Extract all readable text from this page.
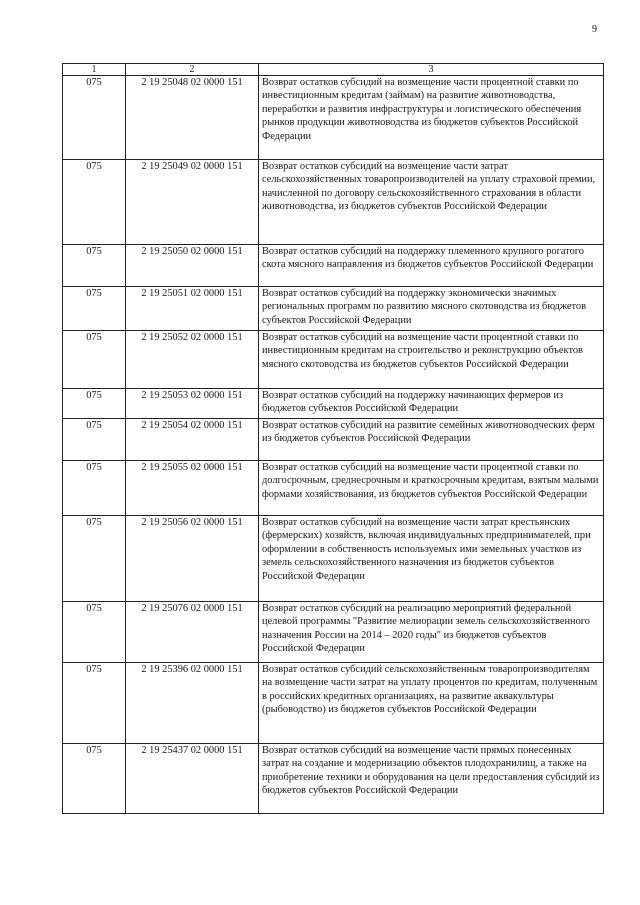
9
1	2	3
075	2 19 25048 02 0000 151	Возврат остатков субсидий на возмещение части процентной ставки по инвестиционным кредитам (займам) на развитие животноводства, переработки и развития инфраструктуры и логистического обеспечения рынков продукции животноводства из бюджетов субъектов Российской Федерации
075	2 19 25049 02 0000 151	Возврат остатков субсидий на возмещение части затрат сельскохозяйственных товаропроизводителей на уплату страховой премии, начисленной по договору сельскохозяйственного страхования в области животноводства, из бюджетов субъектов Российской Федерации
075	2 19 25050 02 0000 151	Возврат остатков субсидий на поддержку племенного крупного рогатого скота мясного направления из бюджетов субъектов Российской Федерации
075	2 19 25051 02 0000 151	Возврат остатков субсидий на поддержку экономически значимых региональных программ по развитию мясного скотоводства из бюджетов субъектов Российской Федерации
075	2 19 25052 02 0000 151	Возврат остатков субсидий на возмещение части процентной ставки по инвестиционным кредитам на строительство и реконструкцию объектов мясного скотоводства из бюджетов субъектов Российской Федерации
075	2 19 25053 02 0000 151	Возврат остатков субсидий на поддержку начинающих фермеров из бюджетов субъектов Российской Федерации
075	2 19 25054 02 0000 151	Возврат остатков субсидий на развитие семейных животноводческих ферм из бюджетов субъектов Российской Федерации
075	2 19 25055 02 0000 151	Возврат остатков субсидий на возмещение части процентной ставки по долгосрочным, среднесрочным и краткосрочным кредитам, взятым малыми формами хозяйствования, из бюджетов субъектов Российской Федерации
075	2 19 25056 02 0000 151	Возврат остатков субсидий на возмещение части затрат крестьянских (фермерских) хозяйств, включая индивидуальных предпринимателей, при оформлении в собственность используемых ими земельных участков из земель сельскохозяйственного назначения из бюджетов субъектов Российской Федерации
075	2 19 25076 02 0000 151	Возврат остатков субсидий на реализацию мероприятий федеральной целевой программы "Развитие мелиорации земель сельскохозяйственного назначения России на 2014 – 2020 годы" из бюджетов субъектов Российской Федерации
075	2 19 25396 02 0000 151	Возврат остатков субсидий сельскохозяйственным товаропроизводителям на возмещение части затрат на уплату процентов по кредитам, полученным в российских кредитных организациях, на развитие аквакультуры (рыбоводство) из бюджетов субъектов Российской Федерации
075	2 19 25437 02 0000 151	Возврат остатков субсидий на возмещение части прямых понесенных затрат на создание и модернизацию объектов плодохранилищ, а также на приобретение техники и оборудования на цели предоставления субсидий из бюджетов субъектов Российской Федерации
